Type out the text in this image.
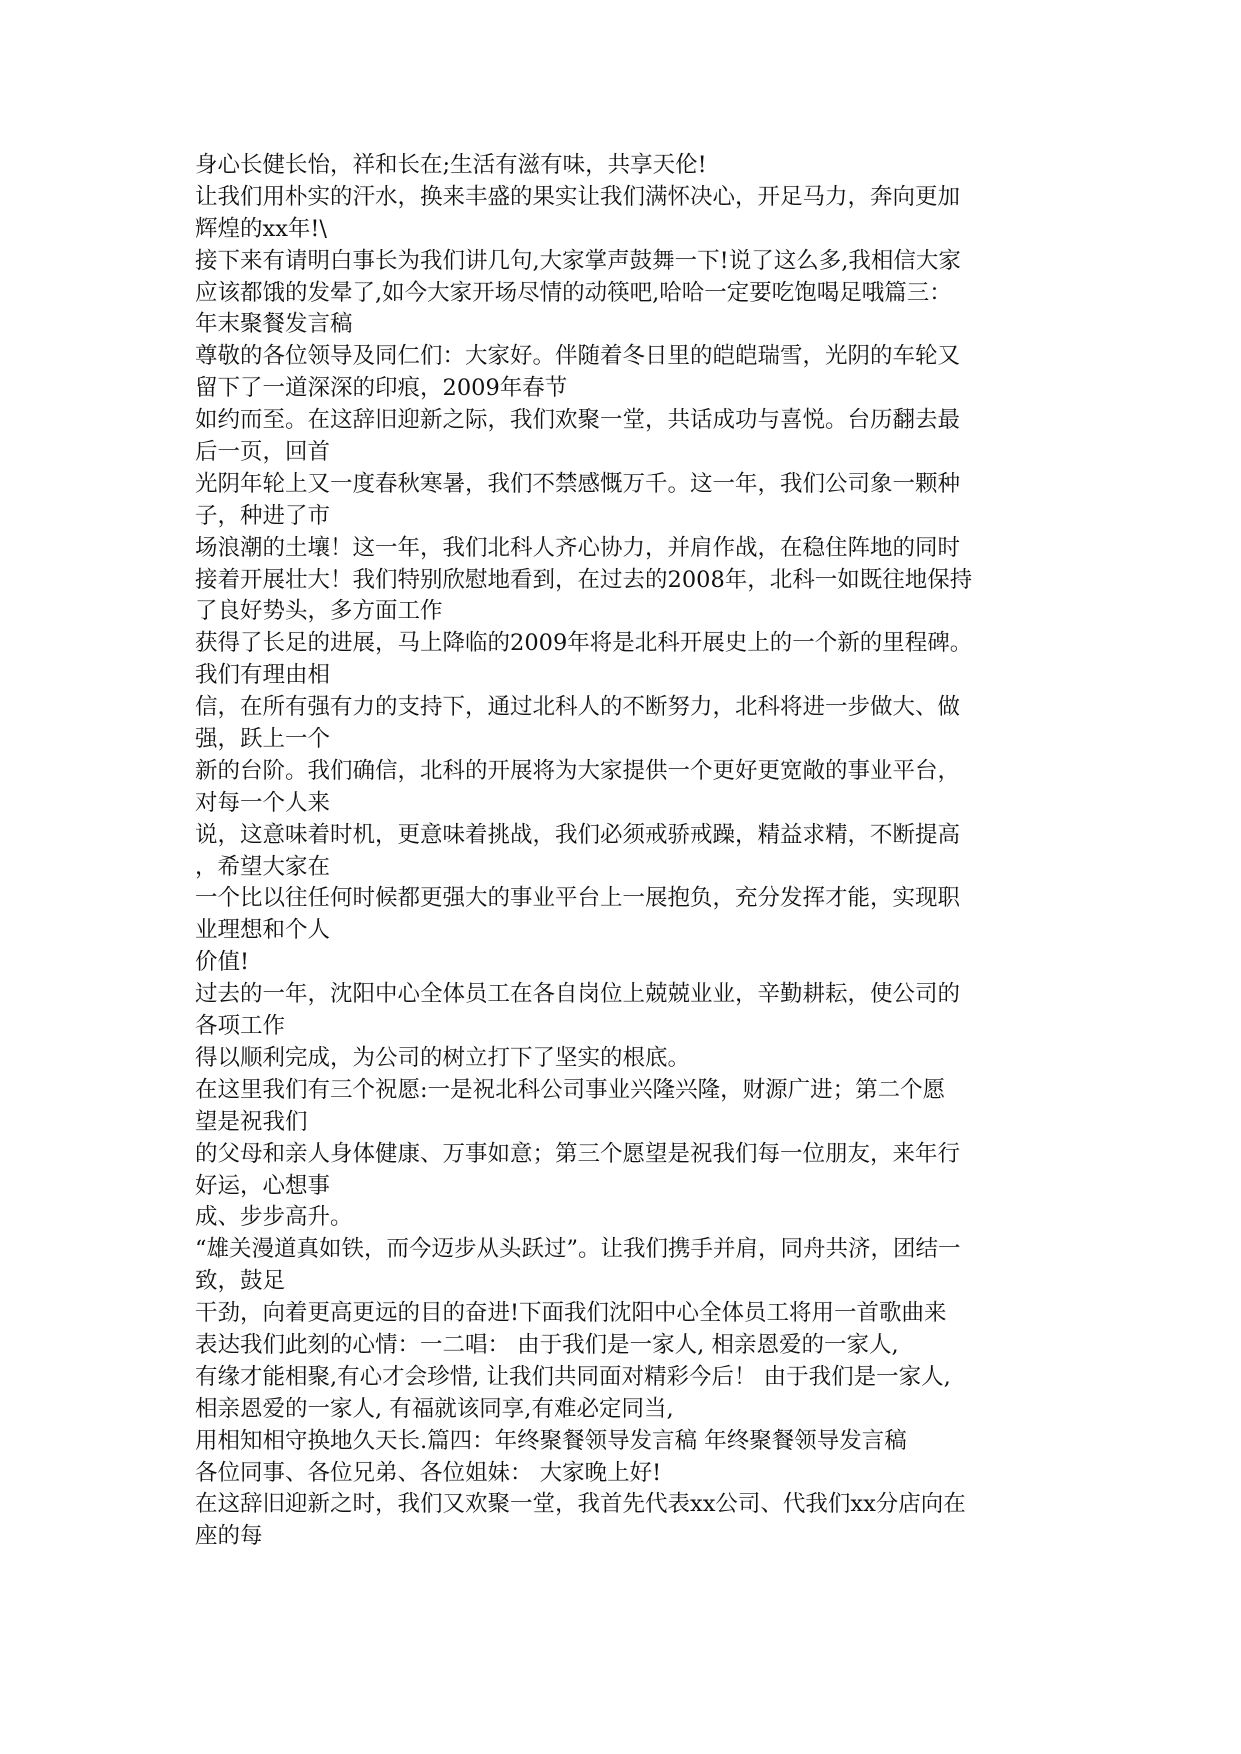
身心长健长怡，祥和长在;生活有滋有味，共享天伦!
让我们用朴实的汗水，换来丰盛的果实让我们满怀决心，开足马力，奔向更加
辉煌的xx年!\
接下来有请明白事长为我们讲几句,大家掌声鼓舞一下!说了这么多,我相信大家
应该都饿的发晕了,如今大家开场尽情的动筷吧,哈哈一定要吃饱喝足哦篇三：
年末聚餐发言稿
尊敬的各位领导及同仁们：大家好。伴随着冬日里的皑皑瑞雪，光阴的车轮又
留下了一道深深的印痕，2009年春节
如约而至。在这辞旧迎新之际，我们欢聚一堂，共话成功与喜悦。台历翻去最
后一页，回首
光阴年轮上又一度春秋寒暑，我们不禁感慨万千。这一年，我们公司象一颗种
子，种进了市
场浪潮的土壤！这一年，我们北科人齐心协力，并肩作战，在稳住阵地的同时
接着开展壮大！我们特别欣慰地看到，在过去的2008年，北科一如既往地保持
了良好势头，多方面工作
获得了长足的进展，马上降临的2009年将是北科开展史上的一个新的里程碑。
我们有理由相
信，在所有强有力的支持下，通过北科人的不断努力，北科将进一步做大、做
强，跃上一个
新的台阶。我们确信，北科的开展将为大家提供一个更好更宽敞的事业平台，
对每一个人来
说，这意味着时机，更意味着挑战，我们必须戒骄戒躁，精益求精，不断提高
，希望大家在
一个比以往任何时候都更强大的事业平台上一展抱负，充分发挥才能，实现职
业理想和个人
价值!
过去的一年，沈阳中心全体员工在各自岗位上兢兢业业，辛勤耕耘，使公司的
各项工作
得以顺利完成，为公司的树立打下了坚实的根底。
在这里我们有三个祝愿:一是祝北科公司事业兴隆兴隆，财源广进；第二个愿
望是祝我们
的父母和亲人身体健康、万事如意；第三个愿望是祝我们每一位朋友，来年行
好运，心想事
成、步步高升。
“雄关漫道真如铁，而今迈步从头跃过”。让我们携手并肩，同舟共济，团结一
致，鼓足
干劲，向着更高更远的目的奋进!下面我们沈阳中心全体员工将用一首歌曲来
表达我们此刻的心情：一二唱： 由于我们是一家人, 相亲恩爱的一家人,
有缘才能相聚,有心才会珍惜, 让我们共同面对精彩今后！ 由于我们是一家人,
相亲恩爱的一家人, 有福就该同享,有难必定同当,
用相知相守换地久天长.篇四：年终聚餐领导发言稿 年终聚餐领导发言稿
各位同事、各位兄弟、各位姐妹： 大家晚上好!
在这辞旧迎新之时，我们又欢聚一堂，我首先代表xx公司、代我们xx分店向在
座的每
